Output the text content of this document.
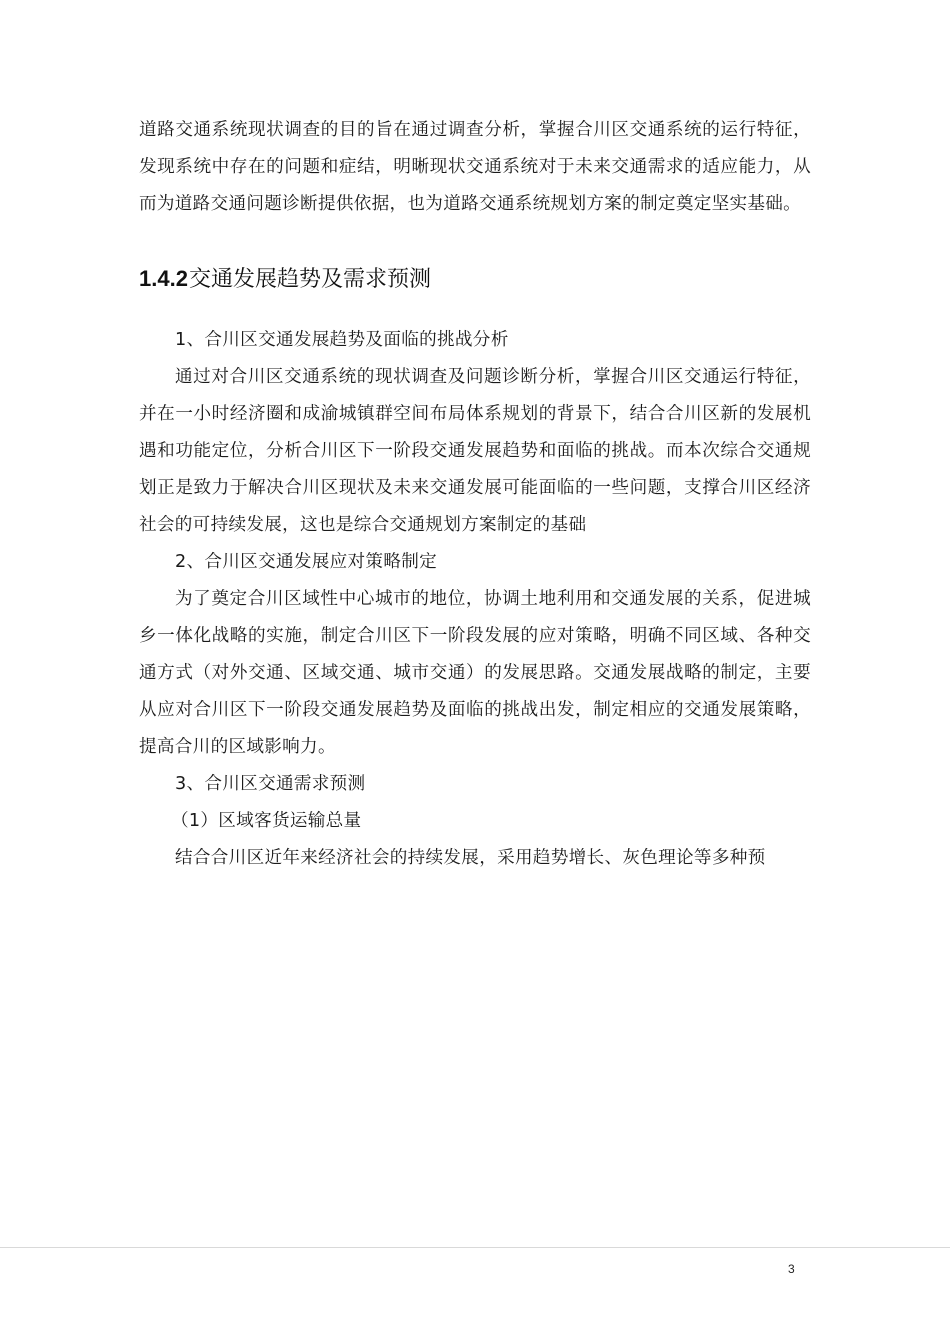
道路交通系统现状调查的目的旨在通过调查分析，掌握合川区交通系统的运行特征，发现系统中存在的问题和症结，明晰现状交通系统对于未来交通需求的适应能力，从而为道路交通问题诊断提供依据，也为道路交通系统规划方案的制定奠定坚实基础。

1.4.2交通发展趋势及需求预测

1、合川区交通发展趋势及面临的挑战分析

通过对合川区交通系统的现状调查及问题诊断分析，掌握合川区交通运行特征，并在一小时经济圈和成渝城镇群空间布局体系规划的背景下，结合合川区新的发展机遇和功能定位，分析合川区下一阶段交通发展趋势和面临的挑战。而本次综合交通规划正是致力于解决合川区现状及未来交通发展可能面临的一些问题，支撑合川区经济社会的可持续发展，这也是综合交通规划方案制定的基础

2、合川区交通发展应对策略制定

为了奠定合川区域性中心城市的地位，协调土地利用和交通发展的关系，促进城乡一体化战略的实施，制定合川区下一阶段发展的应对策略，明确不同区域、各种交通方式（对外交通、区域交通、城市交通）的发展思路。交通发展战略的制定，主要从应对合川区下一阶段交通发展趋势及面临的挑战出发，制定相应的交通发展策略，提高合川的区域影响力。

3、合川区交通需求预测

（1）区域客货运输总量

结合合川区近年来经济社会的持续发展，采用趋势增长、灰色理论等多种预

3
